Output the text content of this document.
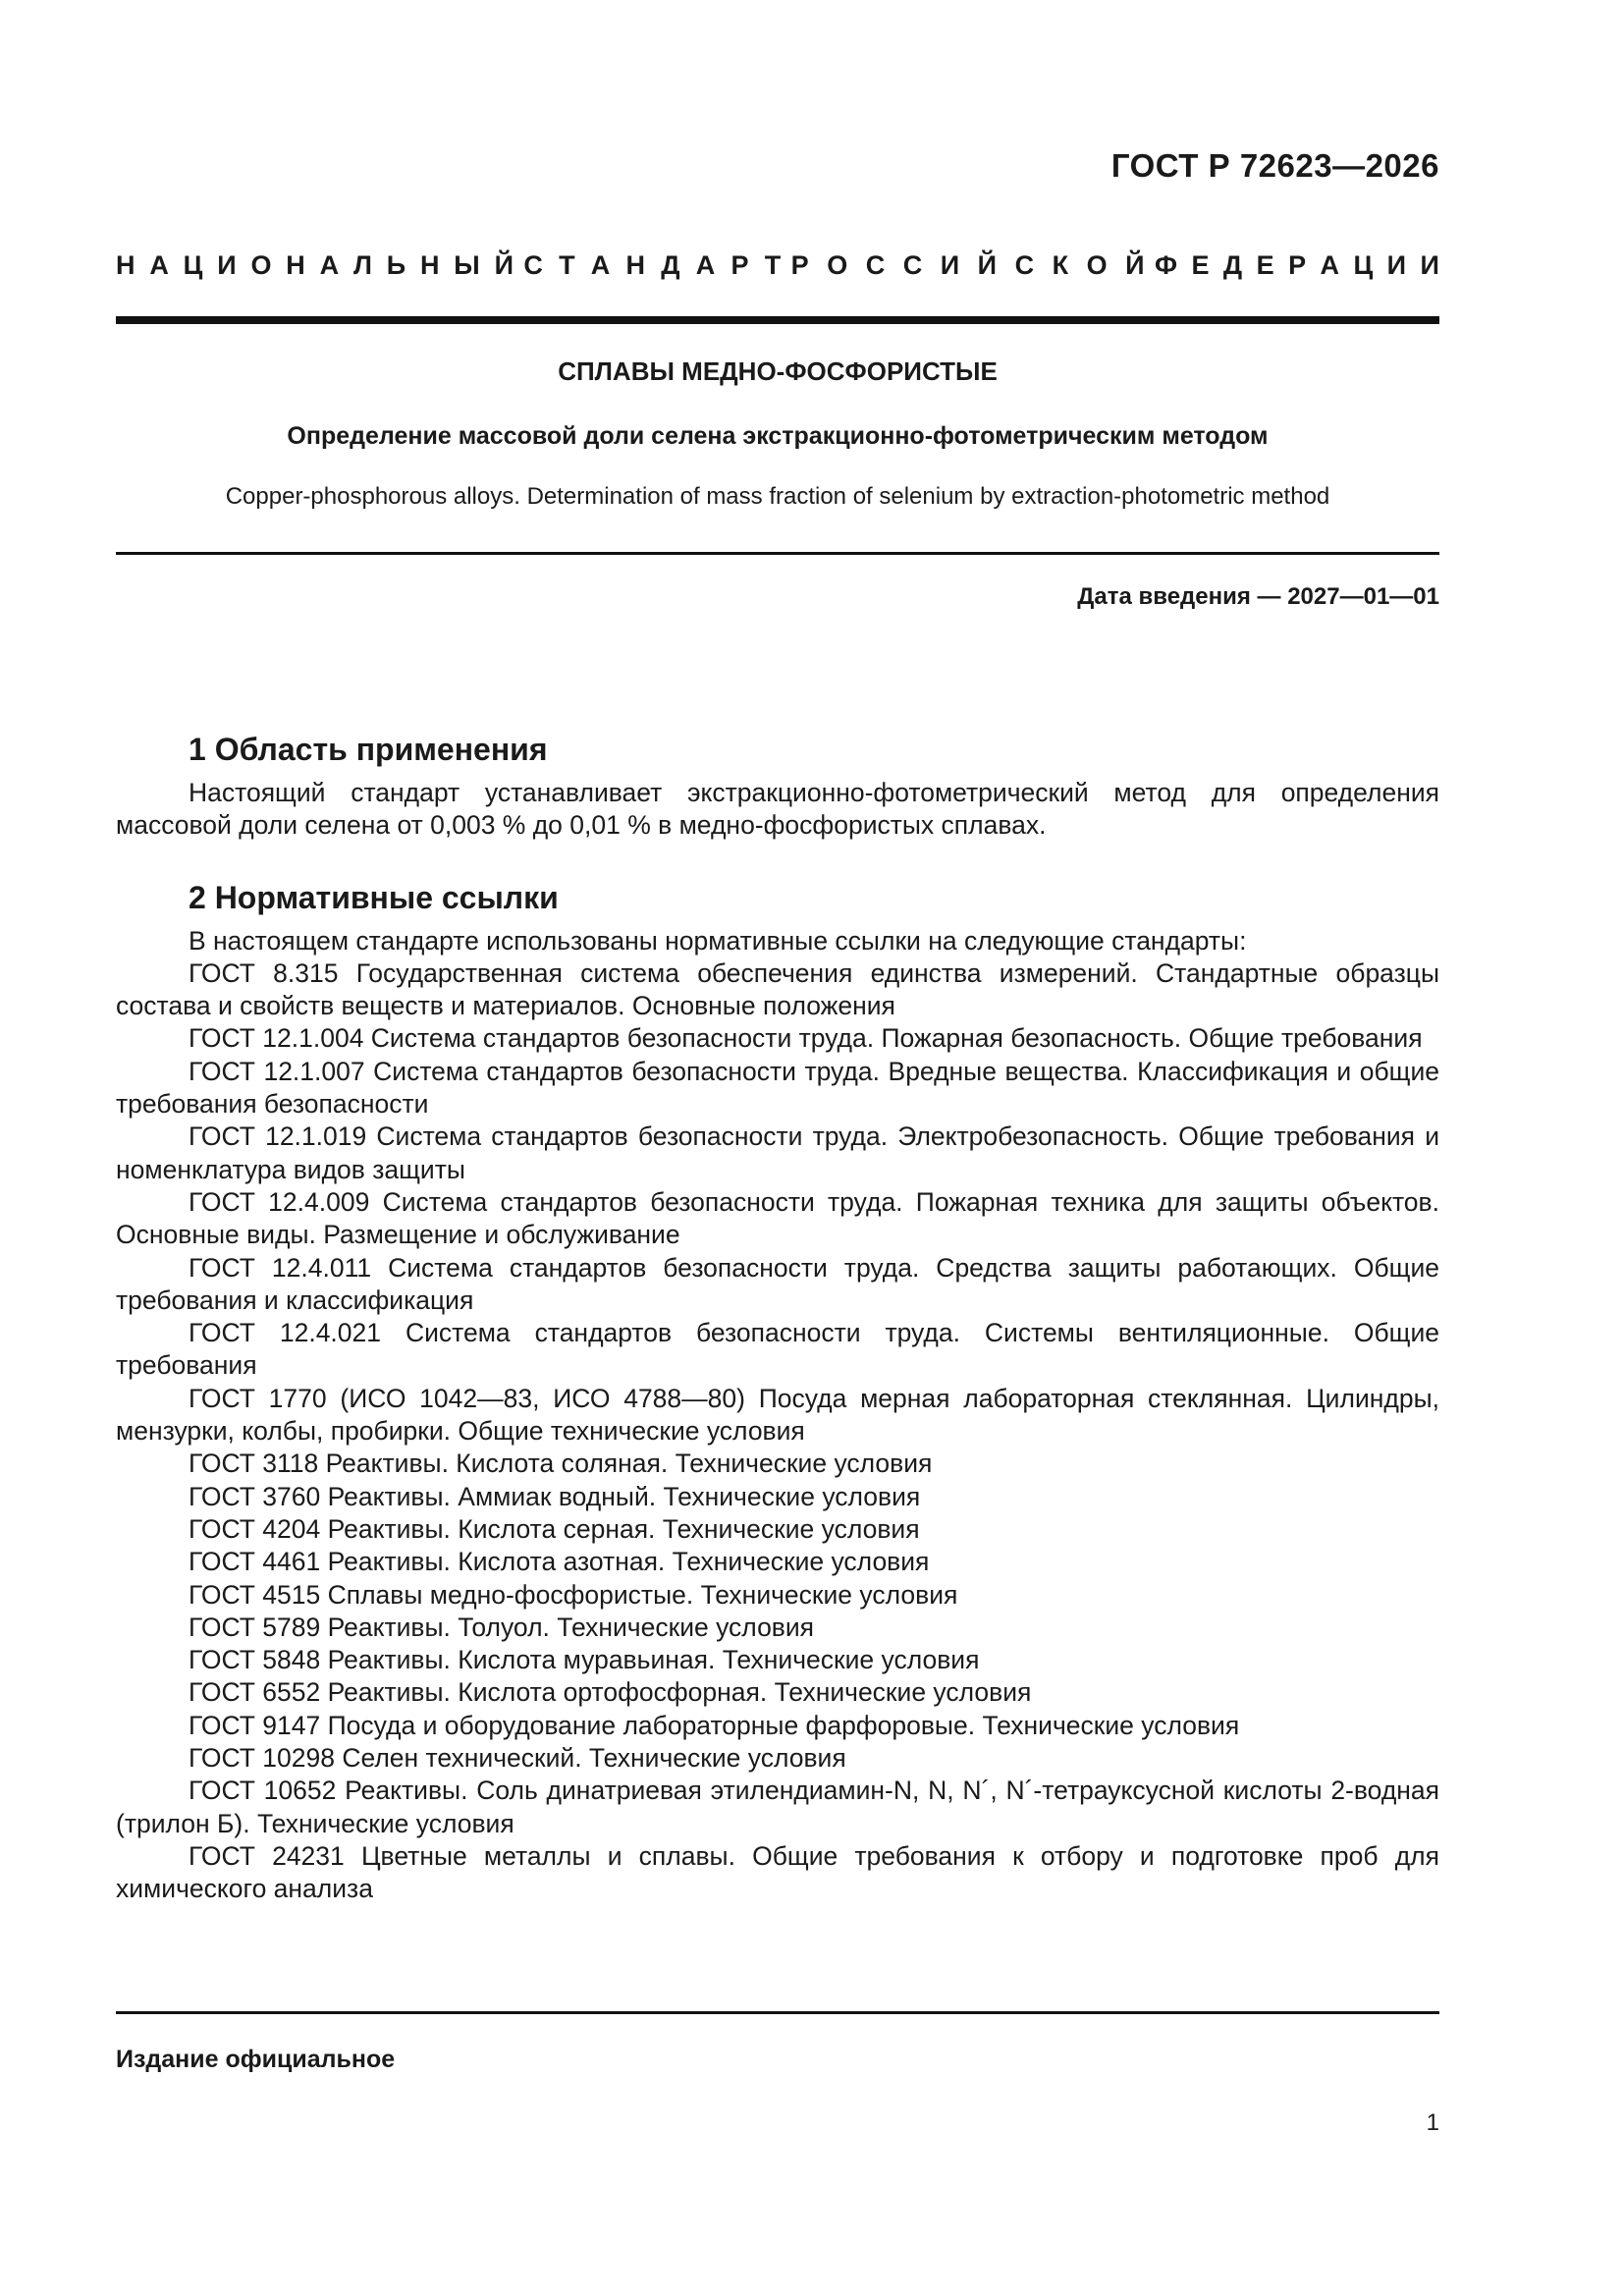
ГОСТ Р 72623—2026
Н А Ц И О Н А Л Ь Н Ы Й С Т А Н Д А Р Т Р О С С И Й С К О Й Ф Е Д Е Р А Ц И И
СПЛАВЫ МЕДНО-ФОСФОРИСТЫЕ
Определение массовой доли селена экстракционно-фотометрическим методом
Copper-phosphorous alloys. Determination of mass fraction of selenium by extraction-photometric method
Дата введения — 2027—01—01
1 Область применения

Настоящий стандарт устанавливает экстракционно-фотометрический метод для определения массовой доли селена от 0,003 % до 0,01 % в медно-фосфористых сплавах.

2 Нормативные ссылки

В настоящем стандарте использованы нормативные ссылки на следующие стандарты:

ГОСТ 8.315 Государственная система обеспечения единства измерений. Стандартные образцы состава и свойств веществ и материалов. Основные положения

ГОСТ 12.1.004 Система стандартов безопасности труда. Пожарная безопасность. Общие требования

ГОСТ 12.1.007 Система стандартов безопасности труда. Вредные вещества. Классификация и общие требования безопасности

ГОСТ 12.1.019 Система стандартов безопасности труда. Электробезопасность. Общие требования и номенклатура видов защиты

ГОСТ 12.4.009 Система стандартов безопасности труда. Пожарная техника для защиты объектов. Основные виды. Размещение и обслуживание

ГОСТ 12.4.011 Система стандартов безопасности труда. Средства защиты работающих. Общие требования и классификация

ГОСТ 12.4.021 Система стандартов безопасности труда. Системы вентиляционные. Общие требования

ГОСТ 1770 (ИСО 1042—83, ИСО 4788—80) Посуда мерная лабораторная стеклянная. Цилиндры, мензурки, колбы, пробирки. Общие технические условия

ГОСТ 3118 Реактивы. Кислота соляная. Технические условия

ГОСТ 3760 Реактивы. Аммиак водный. Технические условия

ГОСТ 4204 Реактивы. Кислота серная. Технические условия

ГОСТ 4461 Реактивы. Кислота азотная. Технические условия

ГОСТ 4515 Сплавы медно-фосфористые. Технические условия

ГОСТ 5789 Реактивы. Толуол. Технические условия

ГОСТ 5848 Реактивы. Кислота муравьиная. Технические условия

ГОСТ 6552 Реактивы. Кислота ортофосфорная. Технические условия

ГОСТ 9147 Посуда и оборудование лабораторные фарфоровые. Технические условия

ГОСТ 10298 Селен технический. Технические условия

ГОСТ 10652 Реактивы. Соль динатриевая этилендиамин-N, N, N´, N´-тетрауксусной кислоты 2-водная (трилон Б). Технические условия

ГОСТ 24231 Цветные металлы и сплавы. Общие требования к отбору и подготовке проб для химического анализа

Издание официальное
1
